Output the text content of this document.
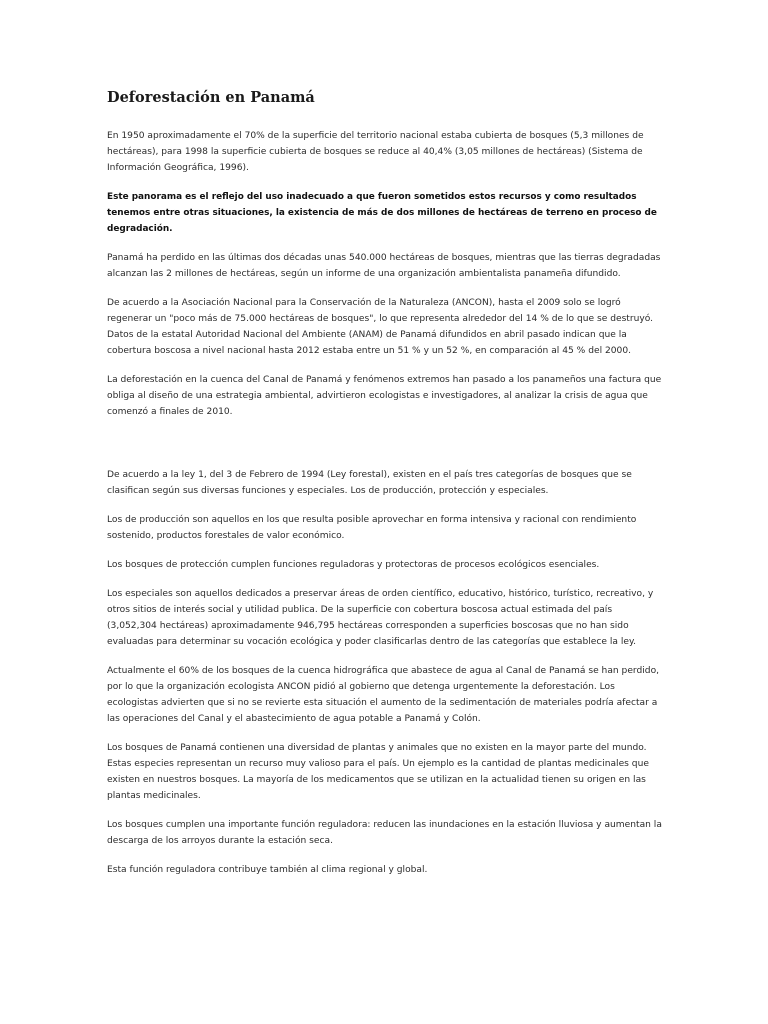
Deforestación en Panamá

En 1950 aproximadamente el 70% de la superficie del territorio nacional estaba cubierta de bosques (5,3 millones de hectáreas), para 1998 la superficie cubierta de bosques se reduce al 40,4% (3,05 millones de hectáreas) (Sistema de Información Geográfica, 1996).

Este panorama es el reflejo del uso inadecuado a que fueron sometidos estos recursos y como resultados tenemos entre otras situaciones, la existencia de más de dos millones de hectáreas de terreno en proceso de degradación.

Panamá ha perdido en las últimas dos décadas unas 540.000 hectáreas de bosques, mientras que las tierras degradadas alcanzan las 2 millones de hectáreas, según un informe de una organización ambientalista panameña difundido.

De acuerdo a la Asociación Nacional para la Conservación de la Naturaleza (ANCON), hasta el 2009 solo se logró regenerar un "poco más de 75.000 hectáreas de bosques", lo que representa alrededor del 14 % de lo que se destruyó. Datos de la estatal Autoridad Nacional del Ambiente (ANAM) de Panamá difundidos en abril pasado indican que la cobertura boscosa a nivel nacional hasta 2012 estaba entre un 51 % y un 52 %, en comparación al 45 % del 2000.

La deforestación en la cuenca del Canal de Panamá y fenómenos extremos han pasado a los panameños una factura que obliga al diseño de una estrategia ambiental, advirtieron ecologistas e investigadores, al analizar la crisis de agua que comenzó a finales de 2010.

De acuerdo a la ley 1, del 3 de Febrero de 1994 (Ley forestal), existen en el país tres categorías de bosques que se clasifican según sus diversas funciones y especiales. Los de producción, protección y especiales.

Los de producción son aquellos en los que resulta posible aprovechar en forma intensiva y racional con rendimiento sostenido, productos forestales de valor económico.

Los bosques de protección cumplen funciones reguladoras y protectoras de procesos ecológicos esenciales.

Los especiales son aquellos dedicados a preservar áreas de orden científico, educativo, histórico, turístico, recreativo, y otros sitios de interés social y utilidad publica. De la superficie con cobertura boscosa actual estimada del país (3,052,304 hectáreas) aproximadamente 946,795 hectáreas corresponden a superficies boscosas que no han sido evaluadas para determinar su vocación ecológica y poder clasificarlas dentro de las categorías que establece la ley.

Actualmente el 60% de los bosques de la cuenca hidrográfica que abastece de agua al Canal de Panamá se han perdido, por lo que la organización ecologista ANCON pidió al gobierno que detenga urgentemente la deforestación. Los ecologistas advierten que si no se revierte esta situación el aumento de la sedimentación de materiales podría afectar a las operaciones del Canal y el abastecimiento de agua potable a Panamá y Colón.

Los bosques de Panamá contienen una diversidad de plantas y animales que no existen en la mayor parte del mundo. Estas especies representan un recurso muy valioso para el país. Un ejemplo es la cantidad de plantas medicinales que existen en nuestros bosques. La mayoría de los medicamentos que se utilizan en la actualidad tienen su origen en las plantas medicinales.

Los bosques cumplen una importante función reguladora: reducen las inundaciones en la estación lluviosa y aumentan la descarga de los arroyos durante la estación seca.

Esta función reguladora contribuye también al clima regional y global.
